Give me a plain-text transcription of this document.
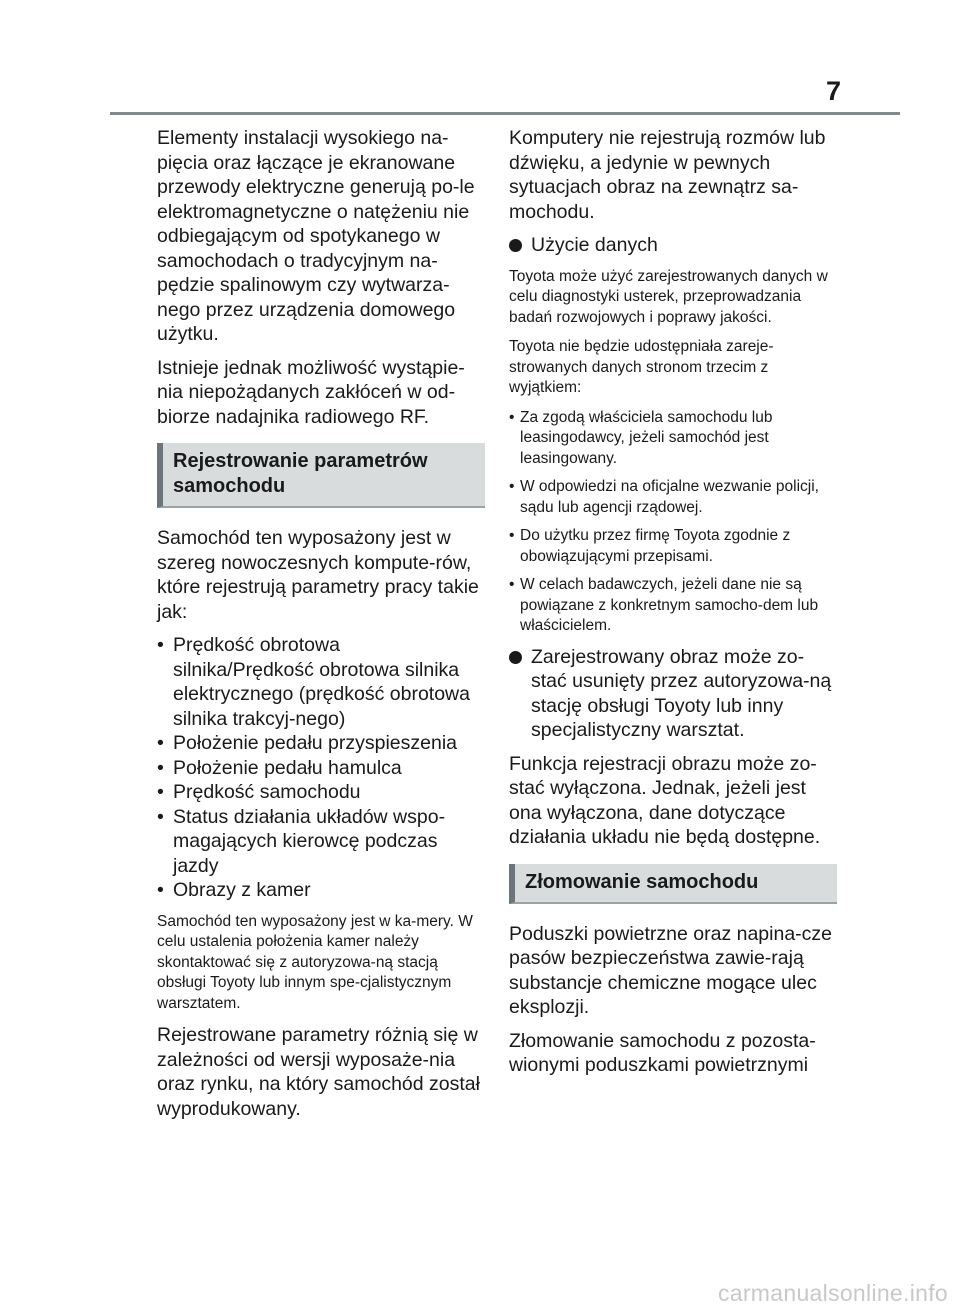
7

Elementy instalacji wysokiego na-pięcia oraz łączące je ekranowane przewody elektryczne generują po-le elektromagnetyczne o natężeniu nie odbiegającym od spotykanego w samochodach o tradycyjnym na-pędzie spalinowym czy wytwarza-nego przez urządzenia domowego użytku.

Istnieje jednak możliwość wystąpie-nia niepożądanych zakłóceń w od-biorze nadajnika radiowego RF.

Rejestrowanie parametrów samochodu

Samochód ten wyposażony jest w szereg nowoczesnych kompute-rów, które rejestrują parametry pracy takie jak:

• Prędkość obrotowa silnika/Prędkość obrotowa silnika elektrycznego (prędkość obrotowa silnika trakcyj-nego)
• Położenie pedału przyspieszenia
• Położenie pedału hamulca
• Prędkość samochodu
• Status działania układów wspo-magających kierowcę podczas jazdy
• Obrazy z kamer

Samochód ten wyposażony jest w ka-mery. W celu ustalenia położenia kamer należy skontaktować się z autoryzowa-ną stacją obsługi Toyoty lub innym spe-cjalistycznym warsztatem.

Rejestrowane parametry różnią się w zależności od wersji wyposaże-nia oraz rynku, na który samochód został wyprodukowany.

Komputery nie rejestrują rozmów lub dźwięku, a jedynie w pewnych sytuacjach obraz na zewnątrz sa-mochodu.

Użycie danych

Toyota może użyć zarejestrowanych danych w celu diagnostyki usterek, przeprowadzania badań rozwojowych i poprawy jakości.

Toyota nie będzie udostępniała zareje-strowanych danych stronom trzecim z wyjątkiem:

• Za zgodą właściciela samochodu lub leasingodawcy, jeżeli samochód jest leasingowany.
• W odpowiedzi na oficjalne wezwanie policji, sądu lub agencji rządowej.
• Do użytku przez firmę Toyota zgodnie z obowiązującymi przepisami.
• W celach badawczych, jeżeli dane nie są powiązane z konkretnym samocho-dem lub właścicielem.
Zarejestrowany obraz może zo-stać usunięty przez autoryzowa-ną stację obsługi Toyoty lub inny specjalistyczny warsztat.

Funkcja rejestracji obrazu może zo-stać wyłączona. Jednak, jeżeli jest ona wyłączona, dane dotyczące działania układu nie będą dostępne.

Złomowanie samochodu

Poduszki powietrzne oraz napina-cze pasów bezpieczeństwa zawie-rają substancje chemiczne mogące ulec eksplozji.

Złomowanie samochodu z pozosta-wionymi poduszkami powietrznymi

carmanualsonline.info
